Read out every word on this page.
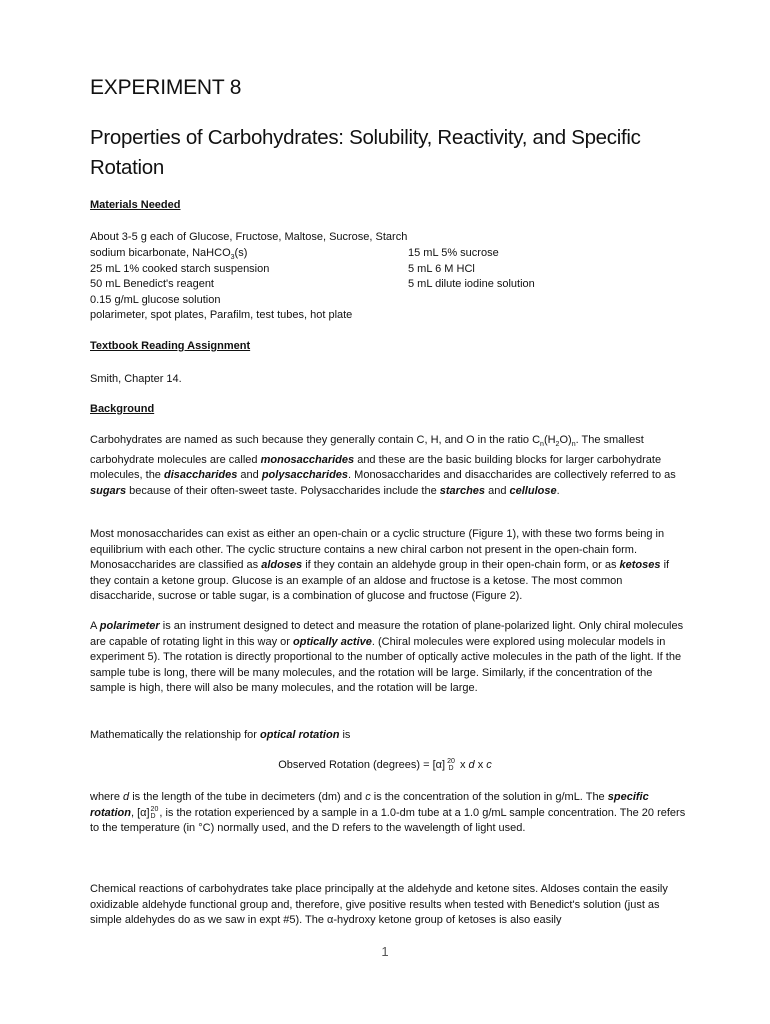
EXPERIMENT 8
Properties of Carbohydrates: Solubility, Reactivity, and Specific Rotation

Materials Needed

About 3-5 g each of Glucose, Fructose, Maltose, Sucrose, Starch

sodium bicarbonate, NaHCO$_3$(s)

25 mL 1% cooked starch suspension

50 mL Benedict's reagent

0.15 g/mL glucose solution

polarimeter, spot plates, Parafilm, test tubes, hot plate

15 mL 5% sucrose

5 mL 6 M HCl

5 mL dilute iodine solution

Textbook Reading Assignment

Smith, Chapter 14.

Background

Carbohydrates are named as such because they generally contain C, H, and O in the ratio $C_n(H_2O)_n$. The smallest carbohydrate molecules are called monosaccharides and these are the basic building blocks for larger carbohydrate molecules, the disaccharides and polysaccharides. Monosaccharides and disaccharides are collectively referred to as sugars because of their often-sweet taste. Polysaccharides include the starches and cellulose.

Most monosaccharides can exist as either an open-chain or a cyclic structure (Figure 1), with these two forms being in equilibrium with each other. The cyclic structure contains a new chiral carbon not present in the open-chain form. Monosaccharides are classified as aldoses if they contain an aldehyde group in their open-chain form, or as ketoses if they contain a ketone group. Glucose is an example of an aldose and fructose is a ketose. The most common disaccharide, sucrose or table sugar, is a combination of glucose and fructose (Figure 2).

A polarimeter is an instrument designed to detect and measure the rotation of plane-polarized light. Only chiral molecules are capable of rotating light in this way or optically active. (Chiral molecules were explored using molecular models in experiment 5). The rotation is directly proportional to the number of optically active molecules in the path of the light. If the sample tube is long, there will be many molecules, and the rotation will be large. Similarly, if the concentration of the sample is high, there will also be many molecules, and the rotation will be large.

Mathematically the relationship for optical rotation is

Observed Rotation (degrees) = [α] 20
D x d x c

where d is the length of the tube in decimeters (dm) and c is the concentration of the solution in g/mL. The specific rotation, [α] 20
D , is the rotation experienced by a sample in a 1.0-dm tube at a 1.0 g/mL sample concentration. The 20 refers to the temperature (in °C) normally used, and the D refers to the wavelength of light used.

Chemical reactions of carbohydrates take place principally at the aldehyde and ketone sites. Aldoses contain the easily oxidizable aldehyde functional group and, therefore, give positive results when tested with Benedict's solution (just as simple aldehydes do as we saw in expt #5). The α-hydroxy ketone group of ketoses is also easily

1
